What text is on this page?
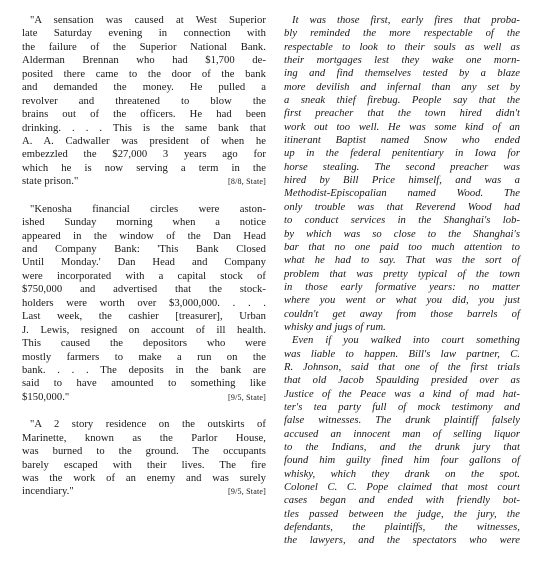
"A sensation was caused at West Superior
late Saturday evening in connection with
the failure of the Superior National Bank.
Alderman Brennan who had $1,700 de-
posited there came to the door of the bank
and demanded the money. He pulled a
revolver and threatened to blow the
brains out of the officers. He had been
drinking. . . . This is the same bank that
A. A. Cadwaller was president of when he
embezzled the $27,000 3 years ago for
which he is now serving a term in the
state prison."	[8/8, State]
"Kenosha financial circles were aston-
ished Sunday morning when a notice
appeared in the window of the Dan Head
and Company Bank: 'This Bank Closed
Until Monday.' Dan Head and Company
were incorporated with a capital stock of
$750,000 and advertised that the stock-
holders were worth over $3,000,000. . . .
Last week, the cashier [treasurer], Urban
J. Lewis, resigned on account of ill health.
This caused the depositors who were
mostly farmers to make a run on the
bank. . . . The deposits in the bank are
said to have amounted to something like
$150,000."	[9/5, State]
"A 2 story residence on the outskirts of
Marinette, known as the Parlor House,
was burned to the ground. The occupants
barely escaped with their lives. The fire
was the work of an enemy and was surely
incendiary."	[9/5, State]
It was those first, early fires that proba-
bly reminded the more respectable of the
respectable to look to their souls as well as
their mortgages lest they wake one morn-
ing and find themselves tested by a blaze
more devilish and infernal than any set by
a sneak thief firebug. People say that the
first preacher that the town hired didn't
work out too well. He was some kind of an
itinerant Baptist named Snow who ended
up in the federal penitentiary in Iowa for
horse stealing. The second preacher was
hired by Bill Price himself, and was a
Methodist-Episcopalian named Wood. The
only trouble was that Reverend Wood had
to conduct services in the Shanghai's lob-
by which was so close to the Shanghai's
bar that no one paid too much attention to
what he had to say. That was the sort of
problem that was pretty typical of the town
in those early formative years: no matter
where you went or what you did, you just
couldn't get away from those barrels of
whisky and jugs of rum.
Even if you walked into court something
was liable to happen. Bill's law partner, C.
R. Johnson, said that one of the first trials
that old Jacob Spaulding presided over as
Justice of the Peace was a kind of mad hat-
ter's tea party full of mock testimony and
false witnesses. The drunk plaintiff falsely
accused an innocent man of selling liquor
to the Indians, and the drunk jury that
found him guilty fined him four gallons of
whisky, which they drank on the spot.
Colonel C. C. Pope claimed that most court
cases began and ended with friendly bot-
tles passed between the judge, the jury, the
defendants, the plaintiffs, the witnesses,
the lawyers, and the spectators who were
